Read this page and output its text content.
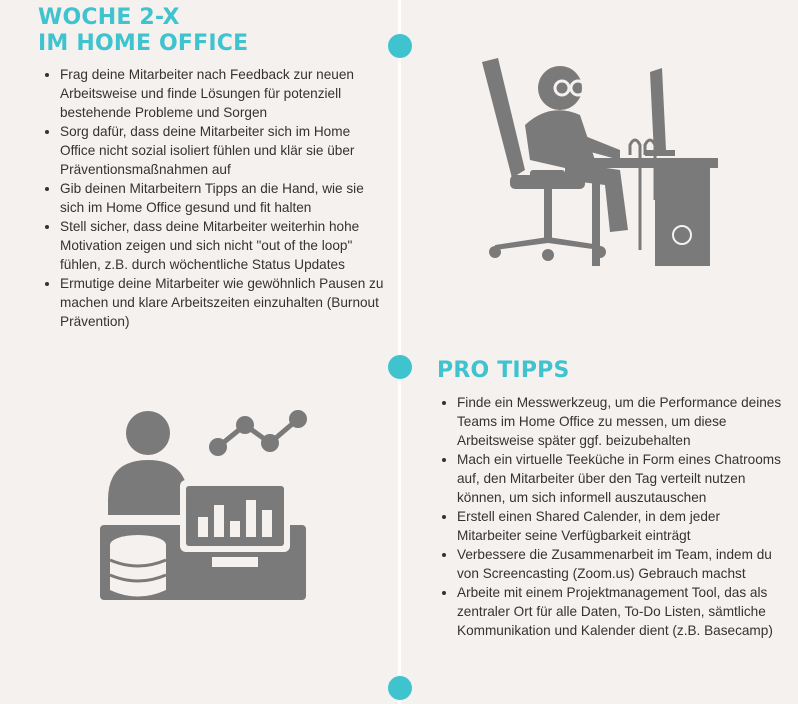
WOCHE 2-X
IM HOME OFFICE
• Frag deine Mitarbeiter nach Feedback zur neuen Arbeitsweise und finde Lösungen für potenziell bestehende Probleme und Sorgen
• Sorg dafür, dass deine Mitarbeiter sich im Home Office nicht sozial isoliert fühlen und klär sie über Präventionsmaßnahmen auf
• Gib deinen Mitarbeitern Tipps an die Hand, wie sie sich im Home Office gesund und fit halten
• Stell sicher, dass deine Mitarbeiter weiterhin hohe Motivation zeigen und sich nicht "out of the loop" fühlen, z.B. durch wöchentliche Status Updates
• Ermutige deine Mitarbeiter wie gewöhnlich Pausen zu machen und klare Arbeitszeiten einzuhalten (Burnout Prävention)
PRO TIPPS
• Finde ein Messwerkzeug, um die Performance deines Teams im Home Office zu messen, um diese Arbeitsweise später ggf. beizubehalten
• Mach ein virtuelle Teeküche in Form eines Chatrooms auf, den Mitarbeiter über den Tag verteilt nutzen können, um sich informell auszutauschen
• Erstell einen Shared Calender, in dem jeder Mitarbeiter seine Verfügbarkeit einträgt
• Verbessere die Zusammenarbeit im Team, indem du von Screencasting (Zoom.us) Gebrauch machst
• Arbeite mit einem Projektmanagement Tool, das als zentraler Ort für alle Daten, To-Do Listen, sämtliche Kommunikation und Kalender dient (z.B. Basecamp)
